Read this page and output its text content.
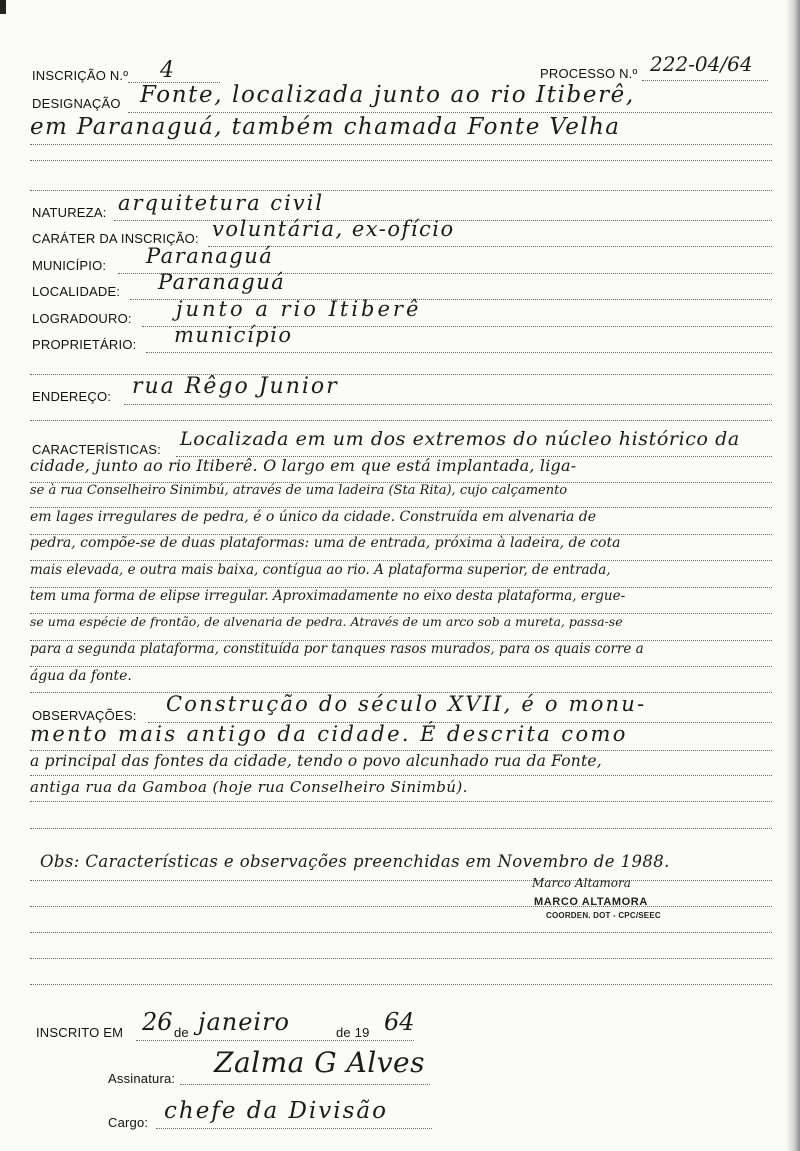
INSCRIÇÃO N.º 4	PROCESSO N.º 222-04/64
DESIGNAÇÃO Fonte, localizada junto ao rio Itiberê,
em Paranaguá, também chamada Fonte Velha
NATUREZA: arquitetura civil
CARÁTER DA INSCRIÇÃO: voluntária, ex-ofício
MUNICÍPIO: Paranaguá
LOCALIDADE: Paranaguá
LOGRADOURO: junto a rio Itiberê
PROPRIETÁRIO: município
ENDEREÇO: rua Rêgo Junior
CARACTERÍSTICAS: Localizada em um dos extremos do núcleo histórico da
cidade, junto ao rio Itiberê. O largo em que está implantada, liga-
se à rua Conselheiro Sinimbú, através de uma ladeira (Sta Rita), cujo calçamento
em lages irregulares de pedra, é o único da cidade. Construída em alvenaria de
pedra, compõe-se de duas plataformas: uma de entrada, próxima à ladeira, de cota
mais elevada, e outra mais baixa, contígua ao rio. A plataforma superior, de entrada,
tem uma forma de elipse irregular. Aproximadamente no eixo desta plataforma, ergue-
se uma espécie de frontão, de alvenaria de pedra. Através de um arco sob a mureta, passa-se
para a segunda plataforma, constituída por tanques rasos murados, para os quais corre a
água da fonte.
OBSERVAÇÕES: Construção do século XVII, é o monu-
mento mais antigo da cidade. É descrita como
a principal das fontes da cidade, tendo o povo alcunhado rua da Fonte,
antiga rua da Gamboa (hoje rua Conselheiro Sinimbú).
Obs: Características e observações preenchidas em Novembro de 1988.
Marco Altamora
MARCO ALTAMORA
COORDEN. DOT - CPC/SEEC
INSCRITO EM 26 de janeiro	de 19 64
Assinatura: Zalma G Alves
Cargo: chefe da Divisão
